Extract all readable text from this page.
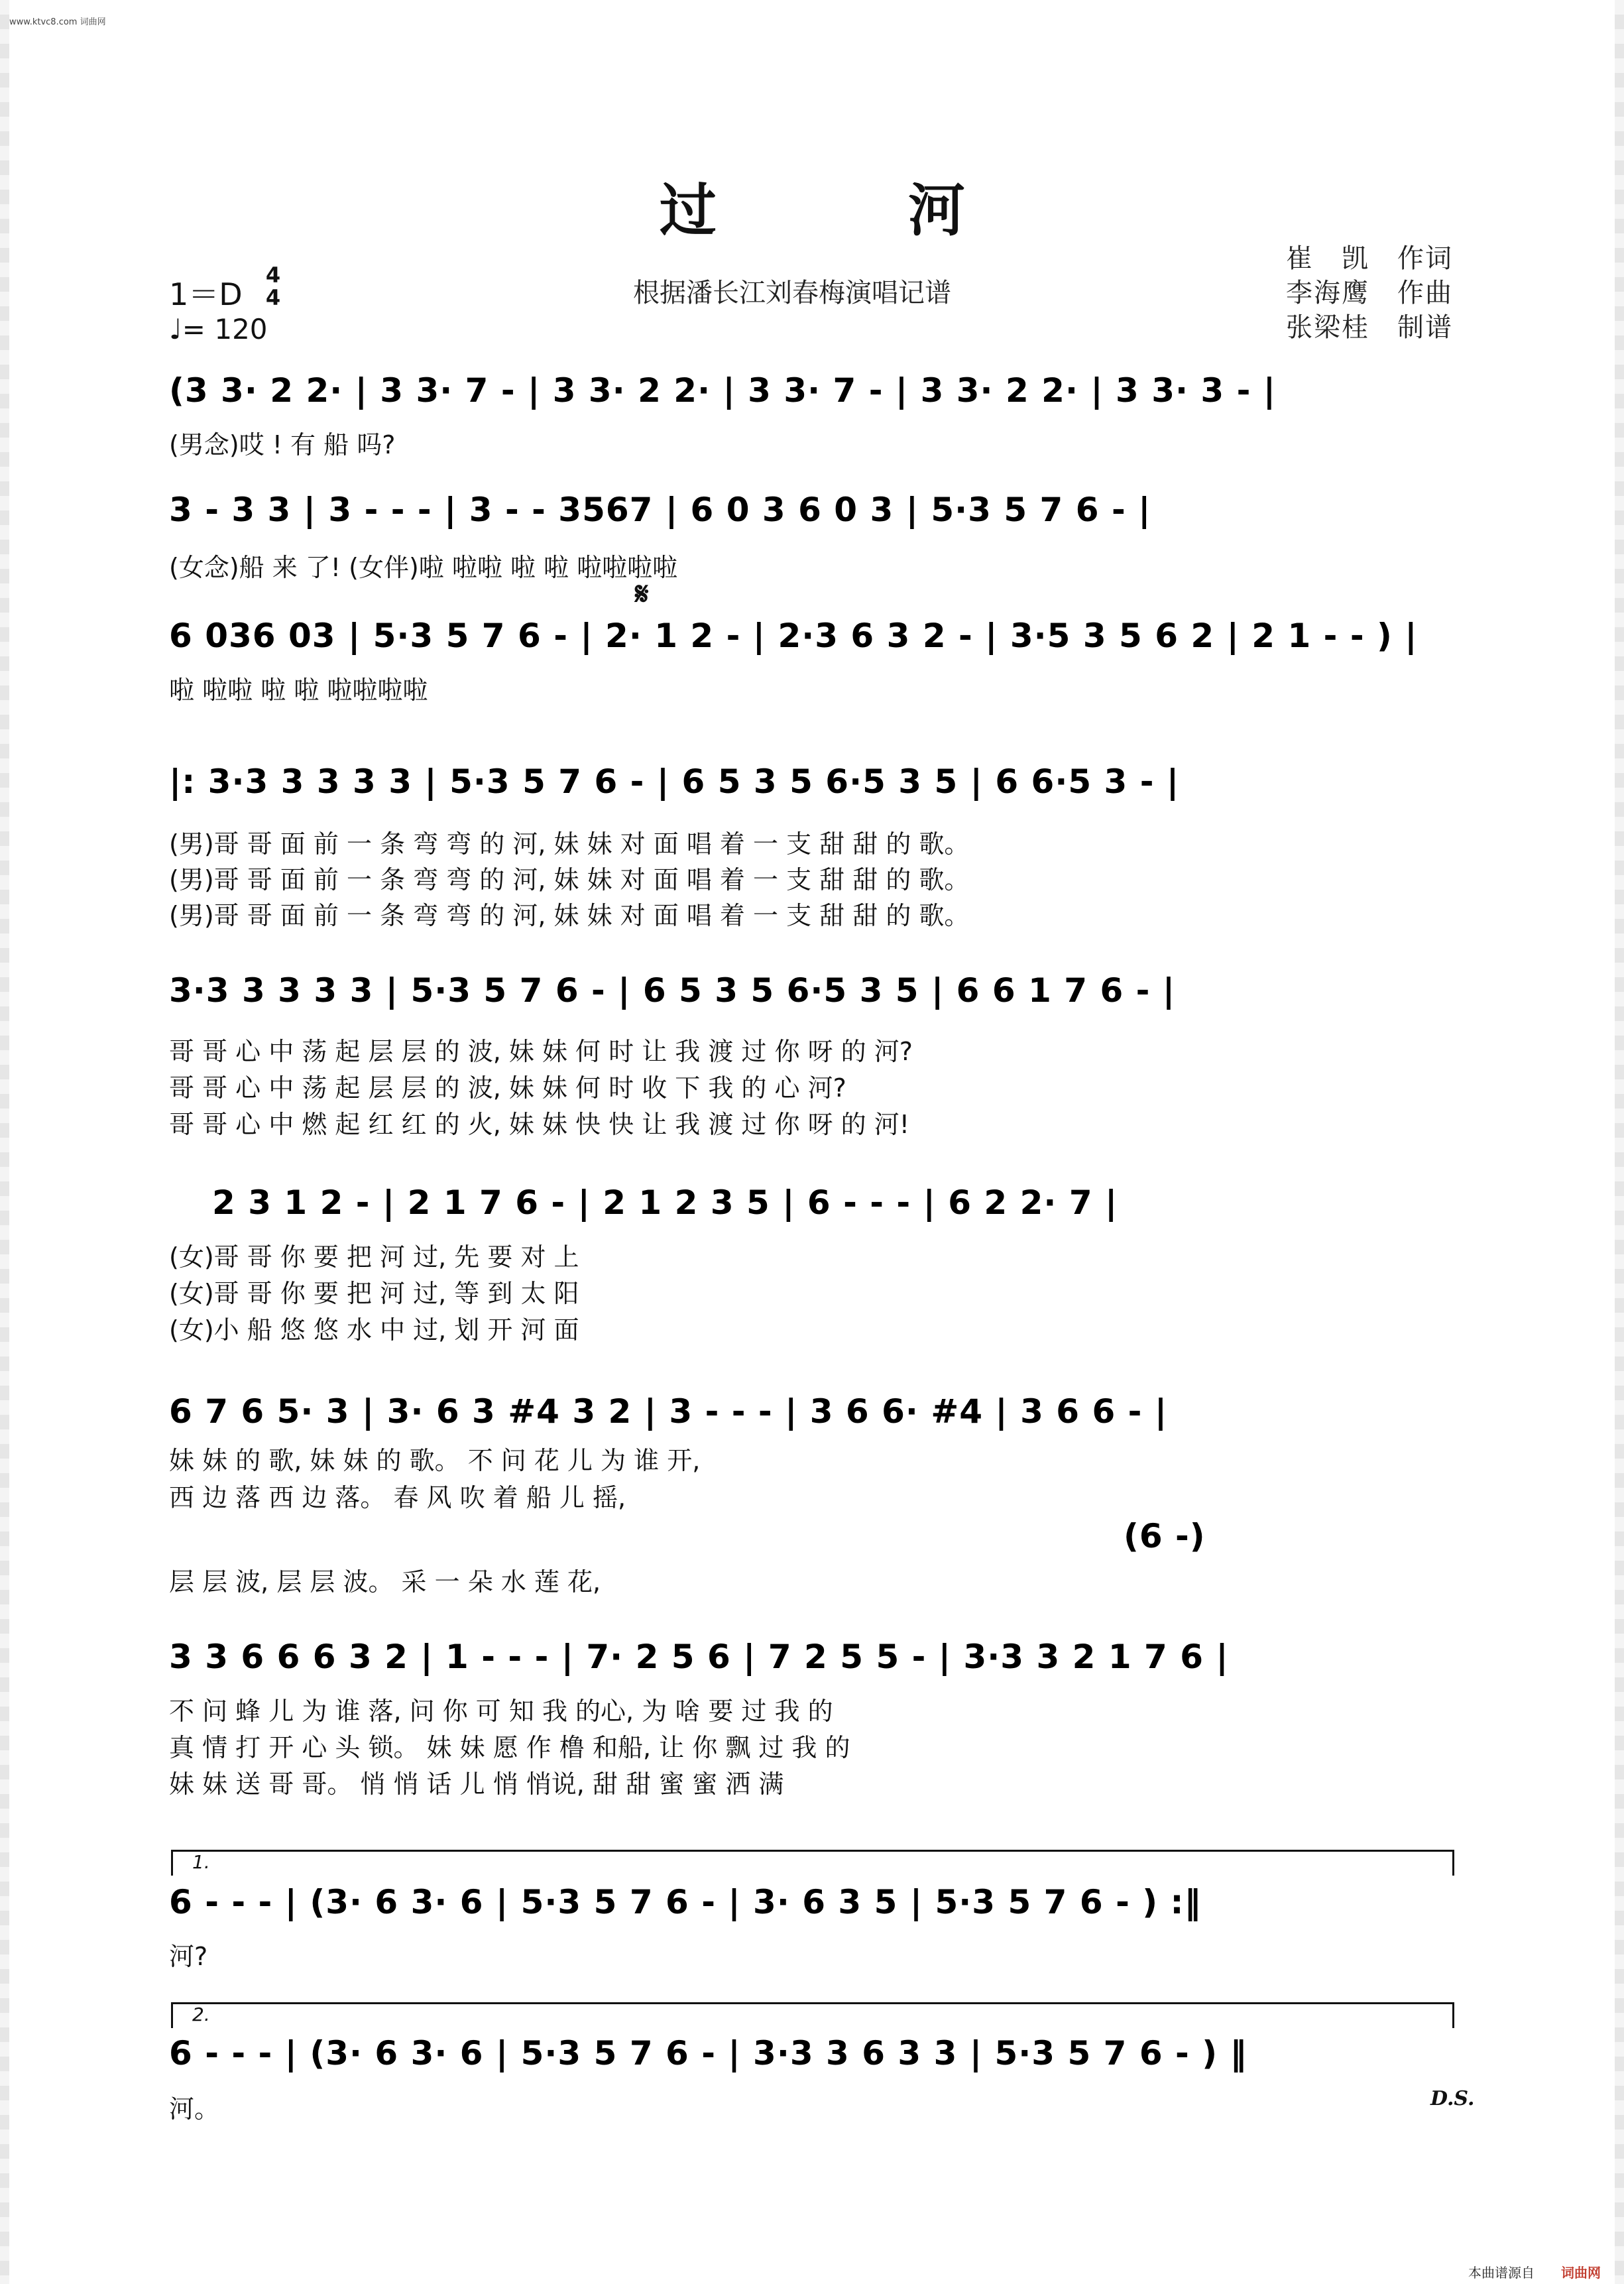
www.ktvc8.com 词曲网
过	河
1＝D
4
4
♩= 120
根据潘长江刘春梅演唱记谱
崔　凯　作词
李海鹰　作曲
张梁桂　制谱
(3 3· 2 2· | 3 3· 7 - | 3 3· 2 2· | 3 3· 7 - | 3 3· 2 2· | 3 3· 3 - |
(男念)哎 ! 有 船 吗?
3 - 3 3 | 3 - - - | 3 - - 3567 | 6 0 3 6 0 3 | 5·3 5 7 6 - |
(女念)船 来 了! (女伴)啦 啦啦 啦 啦 啦啦啦啦
𝄋
6 036 03 | 5·3 5 7 6 - | 2· 1 2 - | 2·3 6 3 2 - | 3·5 3 5 6 2 | 2 1 - - ) |
啦 啦啦 啦 啦 啦啦啦啦
|: 3·3 3 3 3 3 | 5·3 5 7 6 - | 6 5 3 5 6·5 3 5 | 6 6·5 3 - |
(男)哥 哥 面 前 一 条 弯 弯 的 河, 妹 妹 对 面 唱 着 一 支 甜 甜 的 歌。
(男)哥 哥 面 前 一 条 弯 弯 的 河, 妹 妹 对 面 唱 着 一 支 甜 甜 的 歌。
(男)哥 哥 面 前 一 条 弯 弯 的 河, 妹 妹 对 面 唱 着 一 支 甜 甜 的 歌。
3·3 3 3 3 3 | 5·3 5 7 6 - | 6 5 3 5 6·5 3 5 | 6 6 1 7 6 - |
哥 哥 心 中 荡 起 层 层 的 波, 妹 妹 何 时 让 我 渡 过 你 呀 的 河?
哥 哥 心 中 荡 起 层 层 的 波, 妹 妹 何 时 收 下 我 的 心 河?
哥 哥 心 中 燃 起 红 红 的 火, 妹 妹 快 快 让 我 渡 过 你 呀 的 河!
2 3 1 2 - | 2 1 7 6 - | 2 1 2 3 5 | 6 - - - | 6 2 2· 7 |
(女)哥 哥 你 要 把 河 过, 先 要 对 上
(女)哥 哥 你 要 把 河 过, 等 到 太 阳
(女)小 船 悠 悠 水 中 过, 划 开 河 面
6 7 6 5· 3 | 3· 6 3 #4 3 2 | 3 - - - | 3 6 6· #4 | 3 6 6 - |
妹 妹 的 歌, 妹 妹 的 歌。 不 问 花 儿 为 谁 开,
西 边 落 西 边 落。 春 风 吹 着 船 儿 摇,
(6 -)
层 层 波, 层 层 波。 采 一 朵 水 莲 花,
3 3 6 6 6 3 2 | 1 - - - | 7· 2 5 6 | 7 2 5 5 - | 3·3 3 2 1 7 6 |
不 问 蜂 儿 为 谁 落, 问 你 可 知 我 的心, 为 啥 要 过 我 的
真 情 打 开 心 头 锁。 妹 妹 愿 作 橹 和船, 让 你 飘 过 我 的
妹 妹 送 哥 哥。 悄 悄 话 儿 悄 悄说, 甜 甜 蜜 蜜 洒 满
1.
6 - - - | (3· 6 3· 6 | 5·3 5 7 6 - | 3· 6 3 5 | 5·3 5 7 6 - ) :‖
河?
2.
6 - - - | (3· 6 3· 6 | 5·3 5 7 6 - | 3·3 3 6 3 3 | 5·3 5 7 6 - ) ‖
河。	D.S.
本曲谱源自 词曲网
